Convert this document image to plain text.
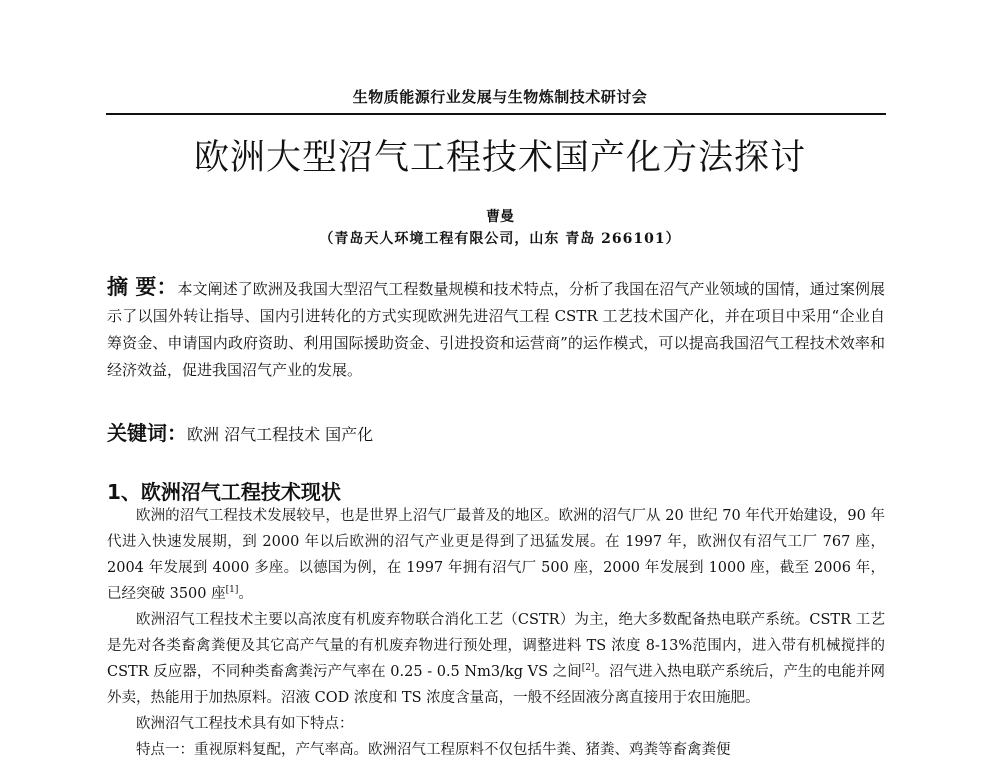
生物质能源行业发展与生物炼制技术研讨会
欧洲大型沼气工程技术国产化方法探讨
曹曼
（青岛天人环境工程有限公司，山东 青岛 266101）
摘 要：本文阐述了欧洲及我国大型沼气工程数量规模和技术特点，分析了我国在沼气产业领域的国情，通过案例展示了以国外转让指导、国内引进转化的方式实现欧洲先进沼气工程 CSTR 工艺技术国产化，并在项目中采用“企业自筹资金、申请国内政府资助、利用国际援助资金、引进投资和运营商”的运作模式，可以提高我国沼气工程技术效率和经济效益，促进我国沼气产业的发展。
关键词：欧洲 沼气工程技术 国产化
1、欧洲沼气工程技术现状

欧洲的沼气工程技术发展较早，也是世界上沼气厂最普及的地区。欧洲的沼气厂从 20 世纪 70 年代开始建设，90 年代进入快速发展期，到 2000 年以后欧洲的沼气产业更是得到了迅猛发展。在 1997 年，欧洲仅有沼气工厂 767 座，2004 年发展到 4000 多座。以德国为例，在 1997 年拥有沼气厂 500 座，2000 年发展到 1000 座，截至 2006 年，已经突破 3500 座[1]。

欧洲沼气工程技术主要以高浓度有机废弃物联合消化工艺（CSTR）为主，绝大多数配备热电联产系统。CSTR 工艺是先对各类畜禽粪便及其它高产气量的有机废弃物进行预处理，调整进料 TS 浓度 8-13%范围内，进入带有机械搅拌的 CSTR 反应器，不同种类畜禽粪污产气率在 0.25 - 0.5 Nm3/kg VS 之间[2]。沼气进入热电联产系统后，产生的电能并网外卖，热能用于加热原料。沼液 COD 浓度和 TS 浓度含量高，一般不经固液分离直接用于农田施肥。

欧洲沼气工程技术具有如下特点：

特点一：重视原料复配，产气率高。欧洲沼气工程原料不仅包括牛粪、猪粪、鸡粪等畜禽粪便
